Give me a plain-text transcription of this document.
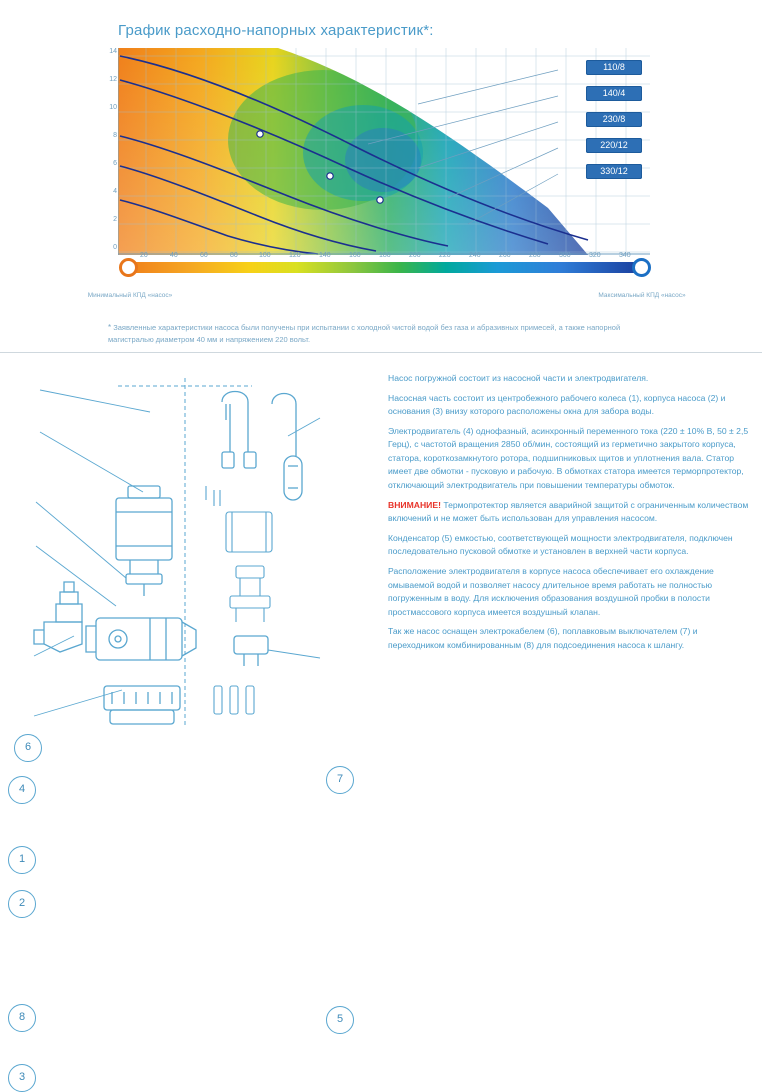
График расходно-напорных характеристик*:
110/8
140/4
230/8
220/12
330/12
14
12
10
8
6
4
2
0
20	40	60	80	100	120	140	160	180	200	220	240	260	280	300	320	340
Минимальный КПД «насос»	Максимальный КПД «насос»
* Заявленные характеристики насоса были получены при испытании с холодной чистой водой без газа и абразивных примесей, а также напорной магистралью диаметром 40 мм и напряжением 220 вольт.
6
4
1
2
8
3
7
5

Насос погружной состоит из насосной части и электродвигателя.

Насосная часть состоит из центробежного рабочего колеса (1), корпуса насоса (2) и основания (3) внизу которого расположены окна для забора воды.

Электродвигатель (4) однофазный, асинхронный переменного тока (220 ± 10% В, 50 ± 2,5 Герц), с частотой вращения 2850 об/мин, состоящий из герметично закрытого корпуса, статора, короткозамкнутого ротора, подшипниковых щитов и уплотнения вала. Статор имеет две обмотки - пусковую и рабочую. В обмотках статора имеется терморпротектор, отключающий электродвигатель при повышении температуры обмоток.

ВНИМАНИЕ! Термопротектор является аварийной защитой с ограниченным количеством включений и не может быть использован для управления насосом.

Конденсатор (5) емкостью, соответствующей мощности электродвигателя, подключен последовательно пусковой обмотке и установлен в верхней части корпуса.

Расположение электродвигателя в корпусе насоса обеспечивает его охлаждение омываемой водой и позволяет насосу длительное время работать не полностью погруженным в воду. Для исключения образования воздушной пробки в полости простмассового корпуса имеется воздушный клапан.

Так же насос оснащен электрокабелем (6), поплавковым выключателем (7) и переходником комбинированным (8) для подсоединения насоса к шлангу.
